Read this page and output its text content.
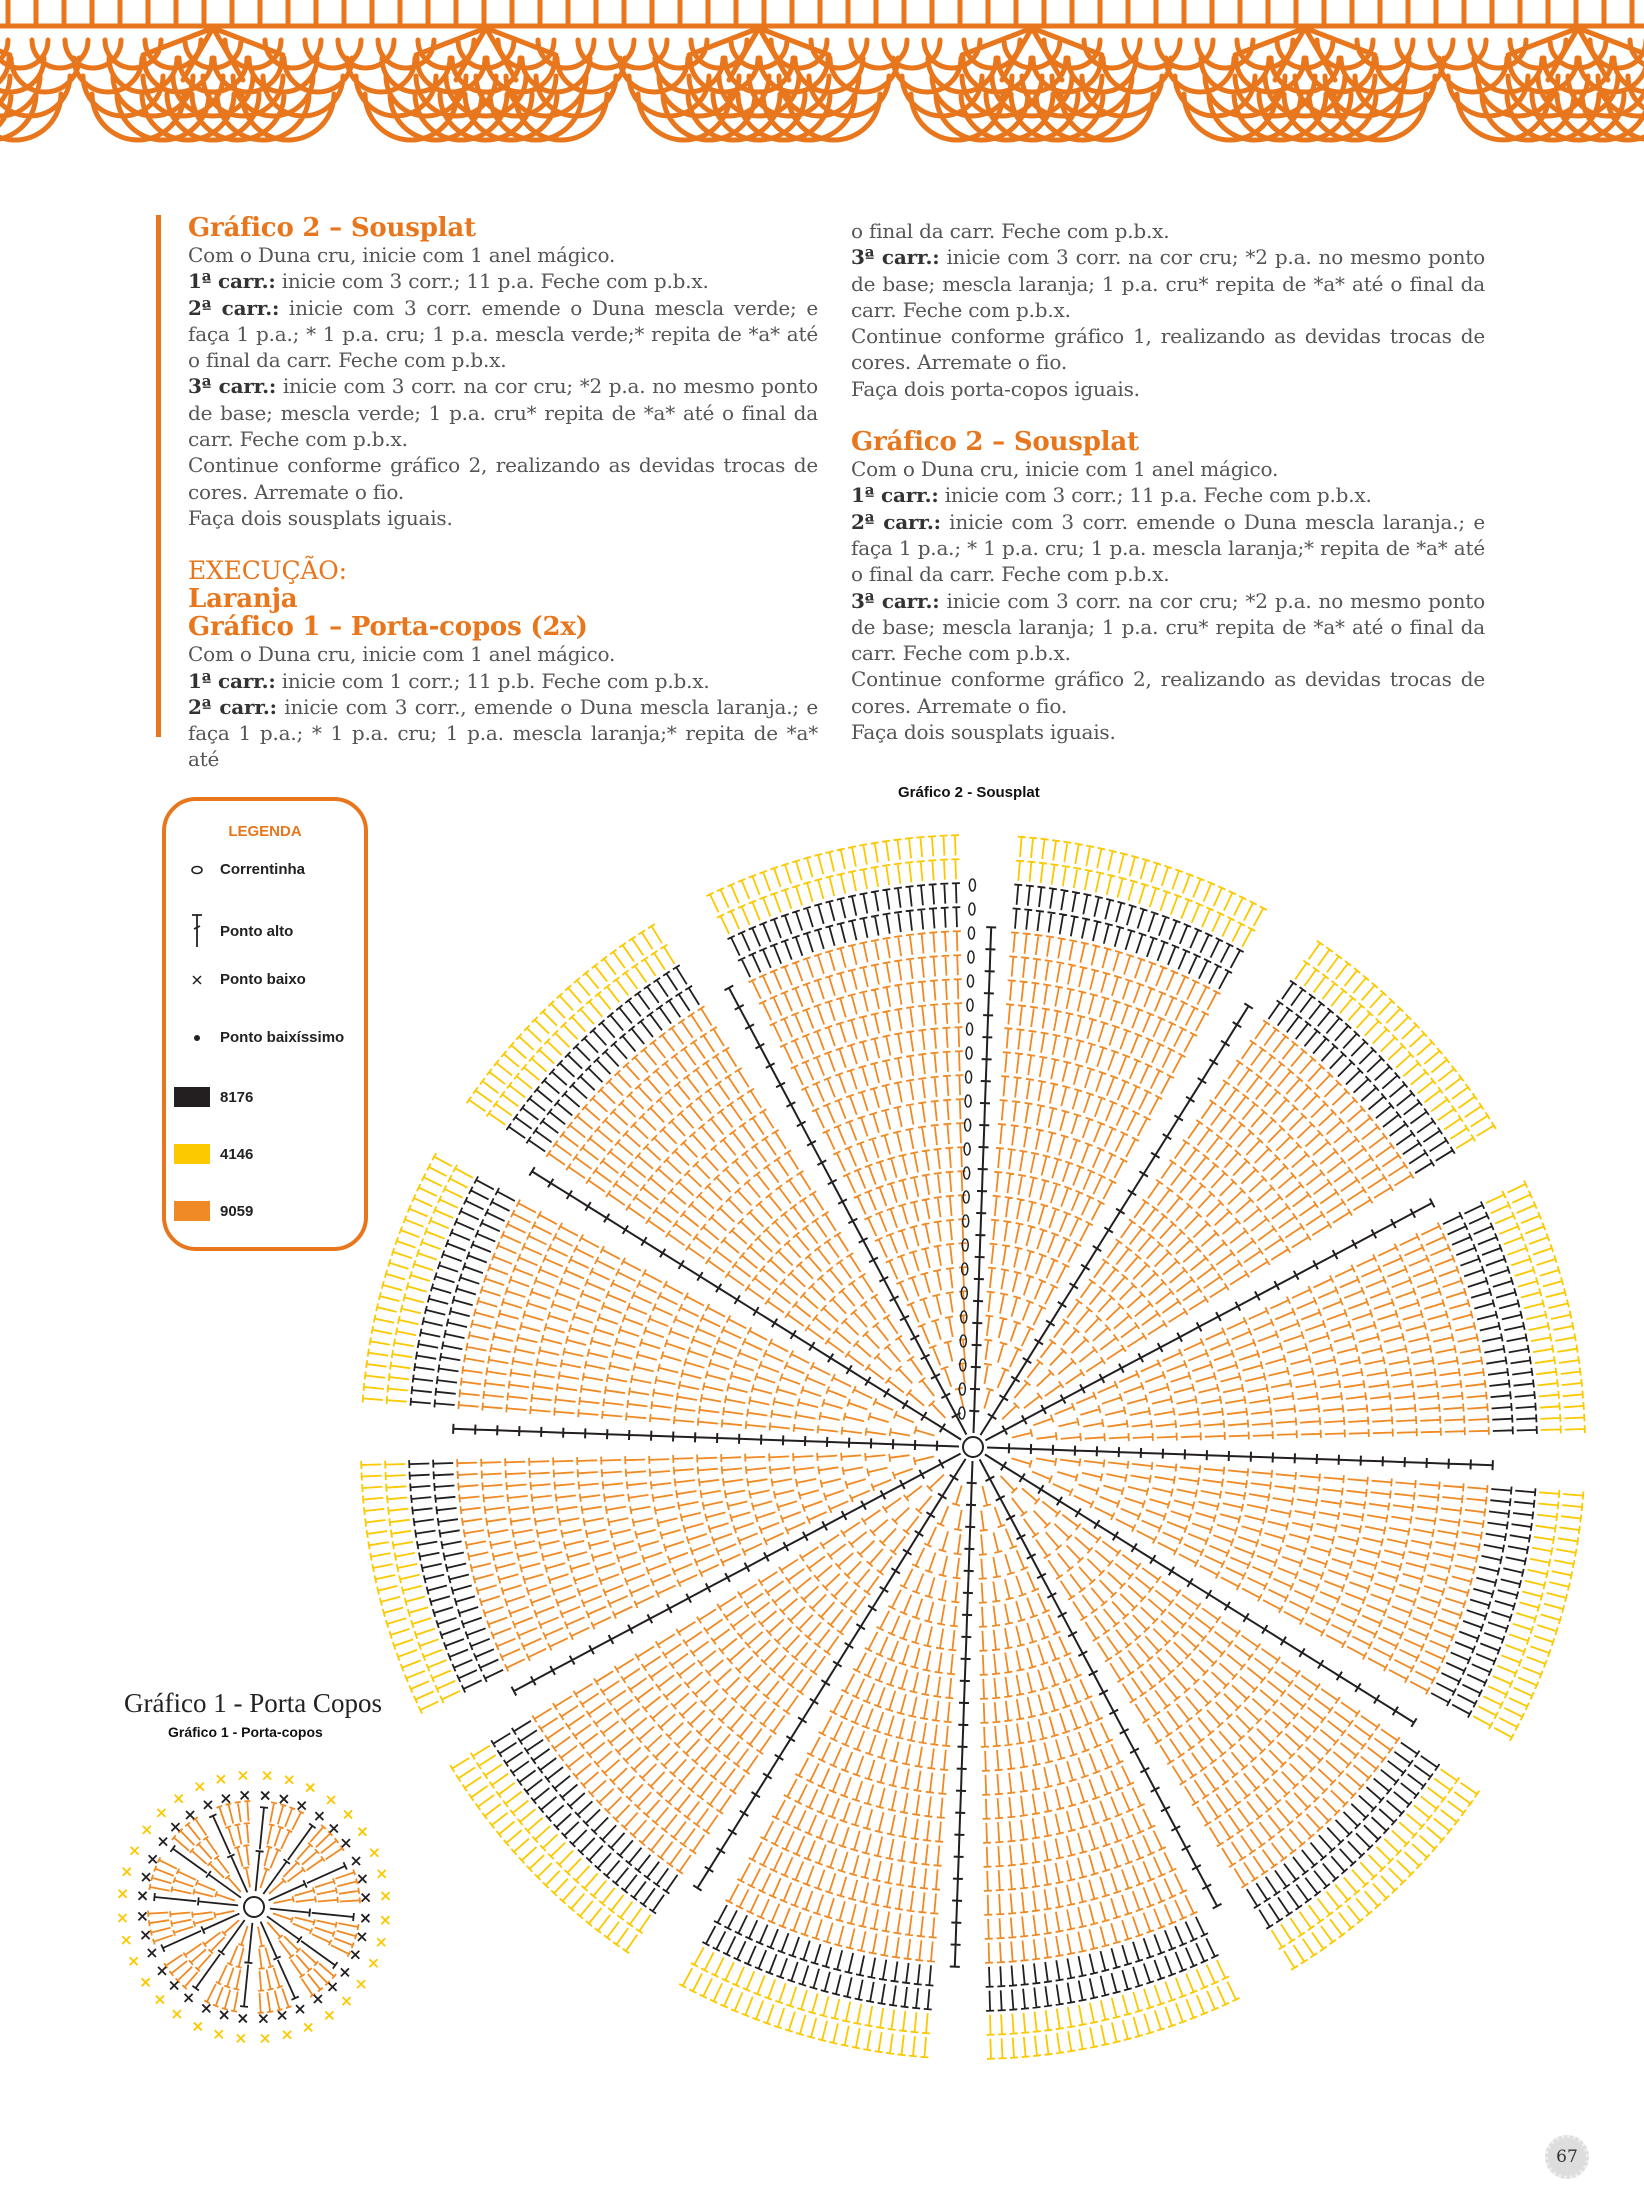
Gráfico 2 – Sousplat

Com o Duna cru, inicie com 1 anel mágico.

1ª carr.: inicie com 3 corr.; 11 p.a. Feche com p.b.x.

2ª carr.: inicie com 3 corr. emende o Duna mescla verde; e faça 1 p.a.; * 1 p.a. cru; 1 p.a. mescla verde;* repita de *a* até o final da carr. Feche com p.b.x.

3ª carr.: inicie com 3 corr. na cor cru; *2 p.a. no mesmo ponto de base; mescla verde; 1 p.a. cru* repita de *a* até o final da carr. Feche com p.b.x.

Continue conforme gráfico 2, realizando as devidas trocas de cores. Arremate o fio.

Faça dois sousplats iguais.

EXECUÇÃO:
Laranja
Gráfico 1 – Porta-copos (2x)

Com o Duna cru, inicie com 1 anel mágico.

1ª carr.: inicie com 1 corr.; 11 p.b. Feche com p.b.x.

2ª carr.: inicie com 3 corr., emende o Duna mescla laranja.; e faça 1 p.a.; * 1 p.a. cru; 1 p.a. mescla laranja;* repita de *a* até

o final da carr. Feche com p.b.x.

3ª carr.: inicie com 3 corr. na cor cru; *2 p.a. no mesmo ponto de base; mescla laranja; 1 p.a. cru* repita de *a* até o final da carr. Feche com p.b.x.

Continue conforme gráfico 1, realizando as devidas trocas de cores. Arremate o fio.

Faça dois porta-copos iguais.

Gráfico 2 – Sousplat

Com o Duna cru, inicie com 1 anel mágico.

1ª carr.: inicie com 3 corr.; 11 p.a. Feche com p.b.x.

2ª carr.: inicie com 3 corr. emende o Duna mescla laranja.; e faça 1 p.a.; * 1 p.a. cru; 1 p.a. mescla laranja;* repita de *a* até o final da carr. Feche com p.b.x.

3ª carr.: inicie com 3 corr. na cor cru; *2 p.a. no mesmo ponto de base; mescla laranja; 1 p.a. cru* repita de *a* até o final da carr. Feche com p.b.x.

Continue conforme gráfico 2, realizando as devidas trocas de cores. Arremate o fio.

Faça dois sousplats iguais.

LEGENDA
Correntinha
Ponto alto
Ponto baixo
Ponto baixíssimo
8176
4146
9059
Gráfico 2 - Sousplat
Gráfico 1 - Porta Copos
Gráfico 1 - Porta-copos
67
